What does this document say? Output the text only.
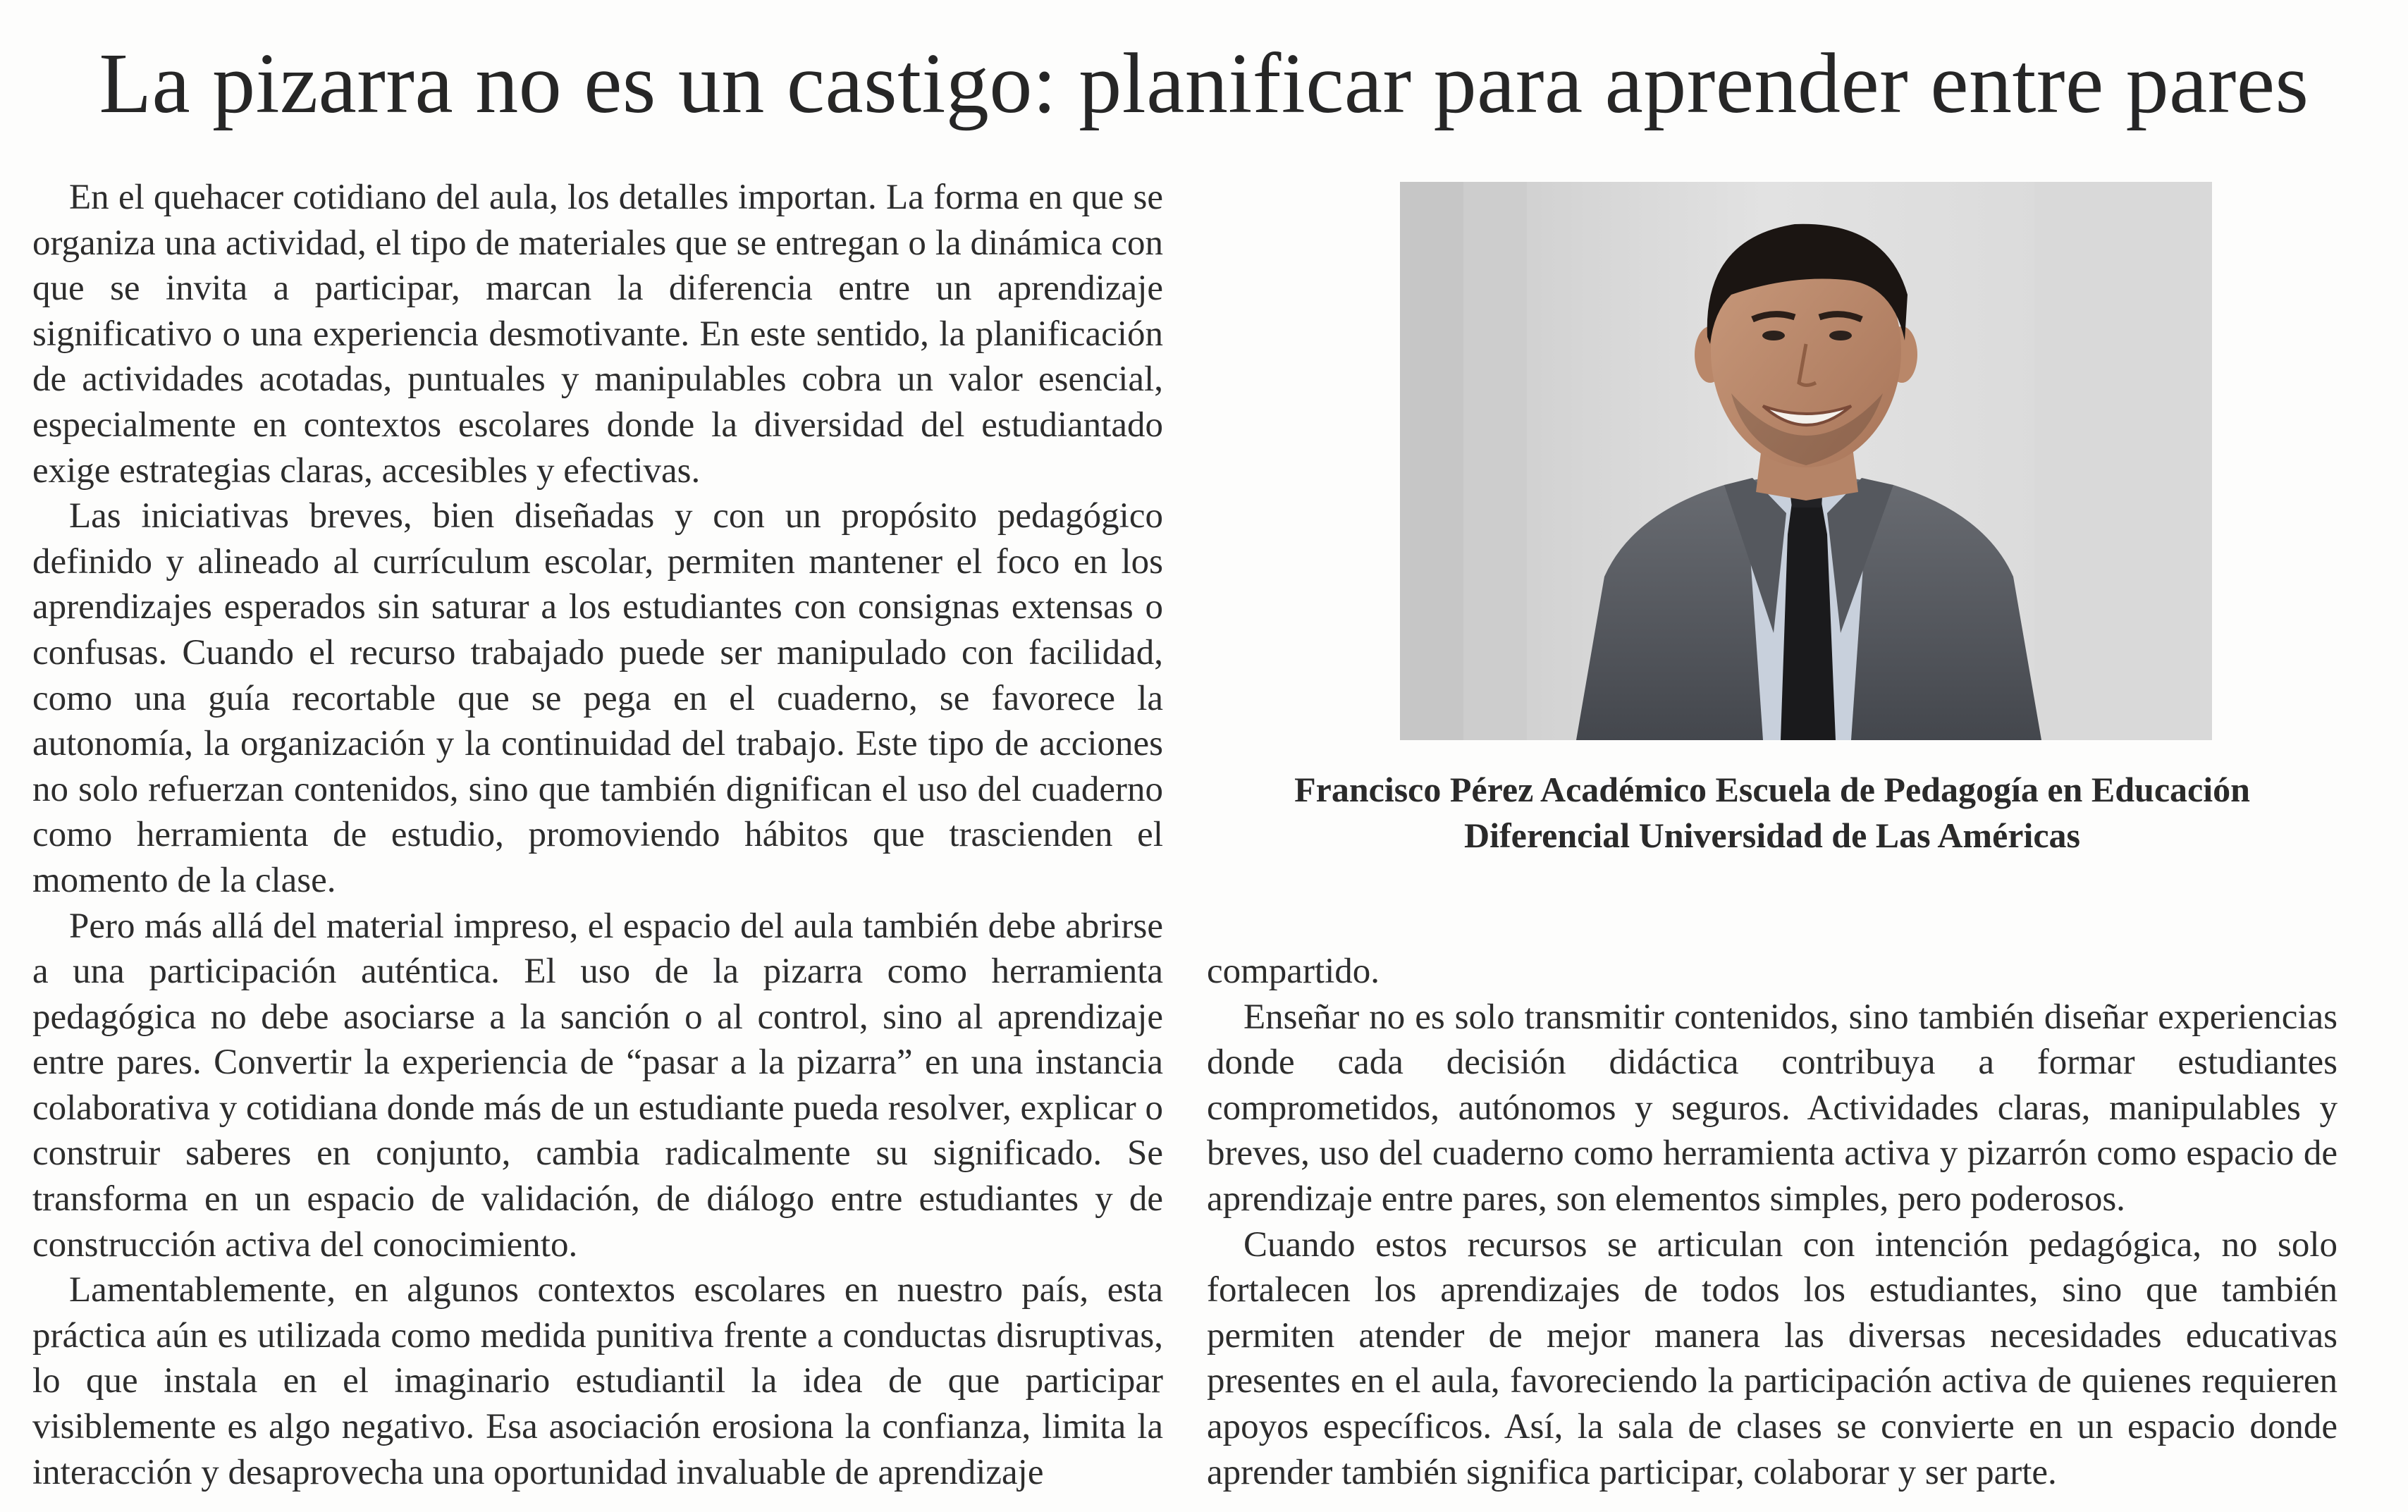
La pizarra no es un castigo: planificar para aprender entre pares

En el quehacer cotidiano del aula, los detalles importan. La forma en que se organiza una actividad, el tipo de materiales que se entregan o la dinámica con que se invita a participar, marcan la diferencia entre un aprendizaje significativo o una experiencia desmotivante. En este sentido, la planificación de actividades acotadas, puntuales y manipulables cobra un valor esencial, especialmente en contextos escolares donde la diversidad del estudiantado exige estrategias claras, accesibles y efectivas.

Las iniciativas breves, bien diseñadas y con un propósito pedagógico definido y alineado al currículum escolar, permiten mantener el foco en los aprendizajes esperados sin saturar a los estudiantes con consignas extensas o confusas. Cuando el recurso trabajado puede ser manipulado con facilidad, como una guía recortable que se pega en el cuaderno, se favorece la autonomía, la organización y la continuidad del trabajo. Este tipo de acciones no solo refuerzan contenidos, sino que también dignifican el uso del cuaderno como herramienta de estudio, promoviendo hábitos que trascienden el momento de la clase.

Pero más allá del material impreso, el espacio del aula también debe abrirse a una participación auténtica. El uso de la pizarra como herramienta pedagógica no debe asociarse a la sanción o al control, sino al aprendizaje entre pares. Convertir la experiencia de “pasar a la pizarra” en una instancia colaborativa y cotidiana donde más de un estudiante pueda resolver, explicar o construir saberes en conjunto, cambia radicalmente su significado. Se transforma en un espacio de validación, de diálogo entre estudiantes y de construcción activa del conocimiento.

Lamentablemente, en algunos contextos escolares en nuestro país, esta práctica aún es utilizada como medida punitiva frente a conductas disruptivas, lo que instala en el imaginario estudiantil la idea de que participar visiblemente es algo negativo. Esa asociación erosiona la confianza, limita la interacción y desaprovecha una oportunidad invaluable de aprendizaje

Francisco Pérez Académico Escuela de Pedagogía en Educación
Diferencial Universidad de Las Américas

compartido.

Enseñar no es solo transmitir contenidos, sino también diseñar experiencias donde cada decisión didáctica contribuya a formar estudiantes comprometidos, autónomos y seguros. Actividades claras, manipulables y breves, uso del cuaderno como herramienta activa y pizarrón como espacio de aprendizaje entre pares, son elementos simples, pero poderosos.

Cuando estos recursos se articulan con intención pedagógica, no solo fortalecen los aprendizajes de todos los estudiantes, sino que también permiten atender de mejor manera las diversas necesidades educativas presentes en el aula, favoreciendo la participación activa de quienes requieren apoyos específicos. Así, la sala de clases se convierte en un espacio donde aprender también significa participar, colaborar y ser parte.
